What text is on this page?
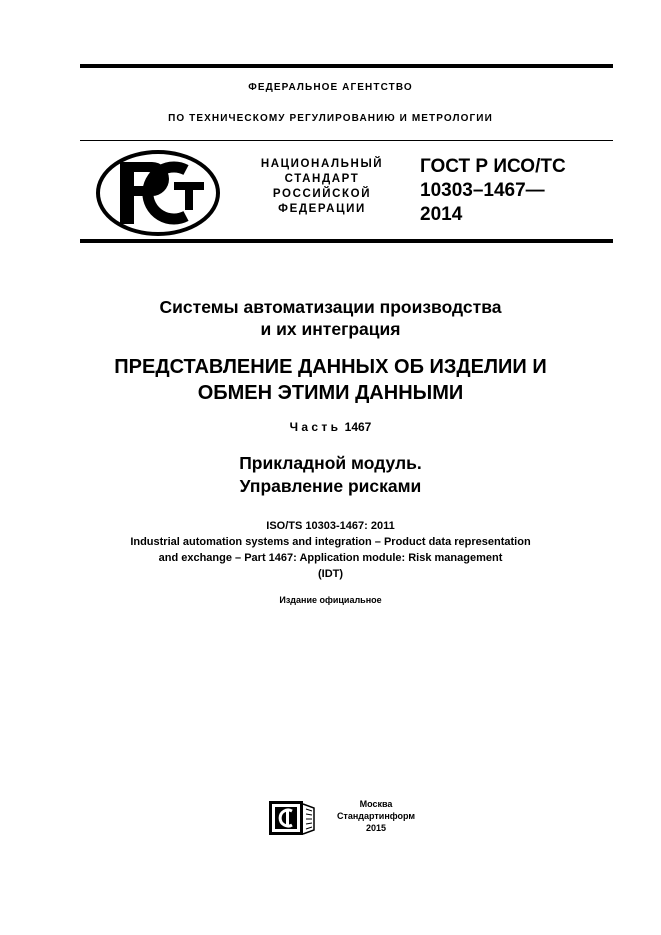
ФЕДЕРАЛЬНОЕ АГЕНТСТВО
ПО ТЕХНИЧЕСКОМУ РЕГУЛИРОВАНИЮ И МЕТРОЛОГИИ
НАЦИОНАЛЬНЫЙ
СТАНДАРТ
РОССИЙСКОЙ
ФЕДЕРАЦИИ
ГОСТ Р ИСО/ТС
10303–1467—
2014
Системы автоматизации производства
и их интеграция
ПРЕДСТАВЛЕНИЕ ДАННЫХ ОБ ИЗДЕЛИИ И
ОБМЕН ЭТИМИ ДАННЫМИ
Ч а с т ь  1467
Прикладной модуль.
Управление рисками
ISO/TS 10303-1467: 2011
Industrial automation systems and integration – Product data representation
and exchange – Part 1467: Application module: Risk management
(IDT)
Издание официальное
Москва
Стандартинформ
2015
